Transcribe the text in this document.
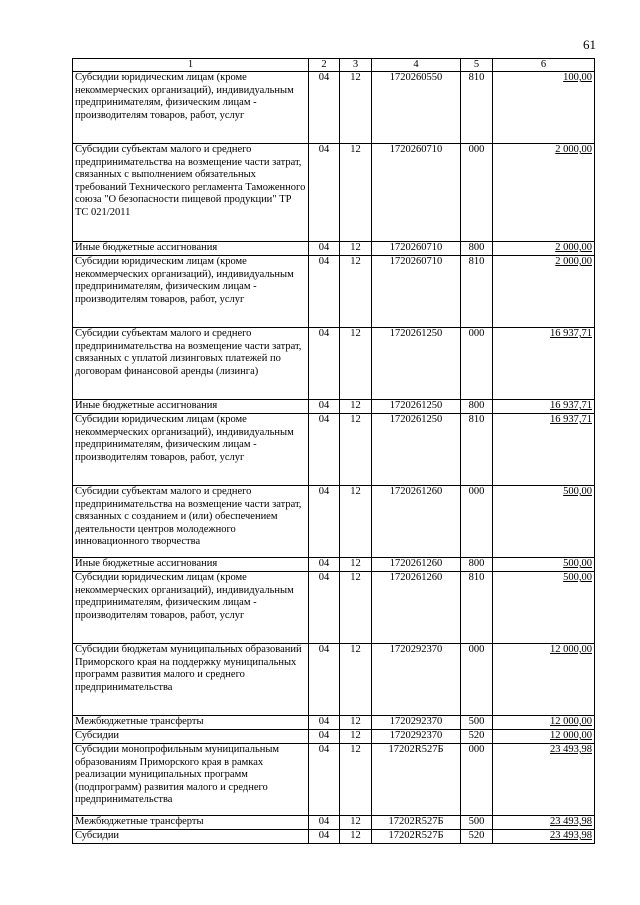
61
1	2	3	4	5	6
Субсидии юридическим лицам (кроме некоммерческих организаций), индивидуальным предпринимателям, физическим лицам - производителям товаров, работ, услуг	04	12	1720260550	810	100,00
Субсидии субъектам малого и среднего предпринимательства на возмещение части затрат, связанных с выполнением обязательных требований Технического регламента Таможенного союза "О безопасности пищевой продукции" ТР ТС 021/2011	04	12	1720260710	000	2 000,00
Иные бюджетные ассигнования	04	12	1720260710	800	2 000,00
Субсидии юридическим лицам (кроме некоммерческих организаций), индивидуальным предпринимателям, физическим лицам - производителям товаров, работ, услуг	04	12	1720260710	810	2 000,00
Субсидии субъектам малого и среднего предпринимательства на возмещение части затрат, связанных с уплатой лизинговых платежей по договорам финансовой аренды (лизинга)	04	12	1720261250	000	16 937,71
Иные бюджетные ассигнования	04	12	1720261250	800	16 937,71
Субсидии юридическим лицам (кроме некоммерческих организаций), индивидуальным предпринимателям, физическим лицам - производителям товаров, работ, услуг	04	12	1720261250	810	16 937,71
Субсидии субъектам малого и среднего предпринимательства на возмещение части затрат, связанных с созданием и (или) обеспечением деятельности центров молодежного инновационного творчества	04	12	1720261260	000	500,00
Иные бюджетные ассигнования	04	12	1720261260	800	500,00
Субсидии юридическим лицам (кроме некоммерческих организаций), индивидуальным предпринимателям, физическим лицам - производителям товаров, работ, услуг	04	12	1720261260	810	500,00
Субсидии бюджетам муниципальных образований Приморского края на поддержку муниципальных программ развития малого и среднего предпринимательства	04	12	1720292370	000	12 000,00
Межбюджетные трансферты	04	12	1720292370	500	12 000,00
Субсидии	04	12	1720292370	520	12 000,00
Субсидии монопрофильным муниципальным образованиям Приморского края в рамках реализации муниципальных программ (подпрограмм) развития малого и среднего предпринимательства	04	12	17202R527Б	000	23 493,98
Межбюджетные трансферты	04	12	17202R527Б	500	23 493,98
Субсидии	04	12	17202R527Б	520	23 493,98
